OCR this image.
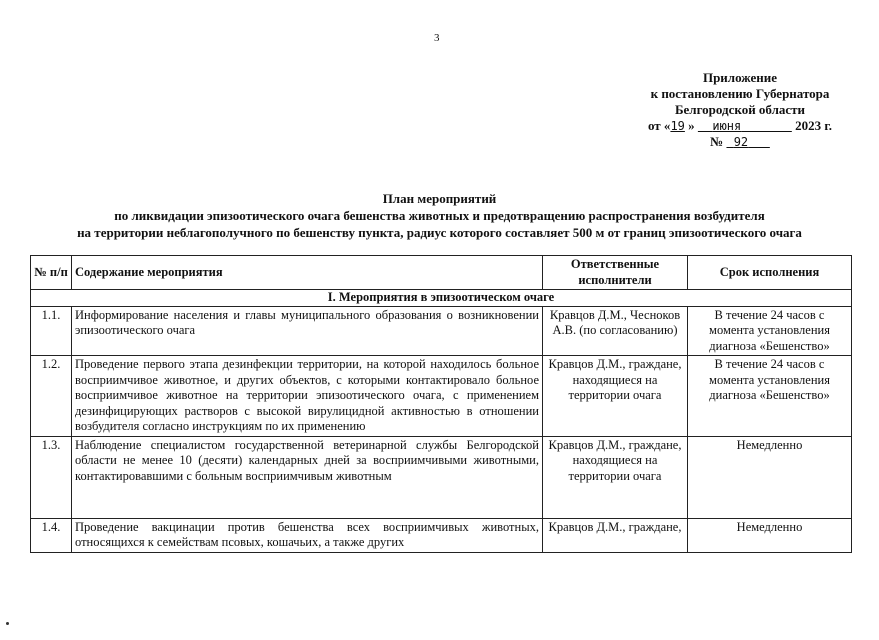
3
Приложение
к постановлению Губернатора
Белгородской области
от «19 » июня	2023 г.
№ 92
План мероприятий
по ликвидации эпизоотического очага бешенства животных и предотвращению распространения возбудителя
на территории неблагополучного по бешенству пункта, радиус которого составляет 500 м от границ эпизоотического очага
№ п/п	Содержание мероприятия	Ответственные исполнители	Срок исполнения
I. Мероприятия в эпизоотическом очаге			
1.1.	Информирование населения и главы муниципального образования о возникновении эпизоотического очага	Кравцов Д.М., Чесноков А.В. (по согласованию)	В течение 24 часов с момента установления диагноза «Бешенство»
1.2.	Проведение первого этапа дезинфекции территории, на которой находилось больное восприимчивое животное, и других объектов, с которыми контактировало больное восприимчивое животное на территории эпизоотического очага, с применением дезинфицирующих растворов с высокой вирулицидной активностью в отношении возбудителя согласно инструкциям по их применению	Кравцов Д.М., граждане, находящиеся на территории очага	В течение 24 часов с момента установления диагноза «Бешенство»
1.3.	Наблюдение специалистом государственной ветеринарной службы Белгородской области не менее 10 (десяти) календарных дней за восприимчивыми животными, контактировавшими с больным восприимчивым животным	Кравцов Д.М., граждане, находящиеся на территории очага	Немедленно
1.4.	Проведение вакцинации против бешенства всех восприимчивых животных, относящихся к семействам псовых, кошачьих, а также других	Кравцов Д.М., граждане,	Немедленно
